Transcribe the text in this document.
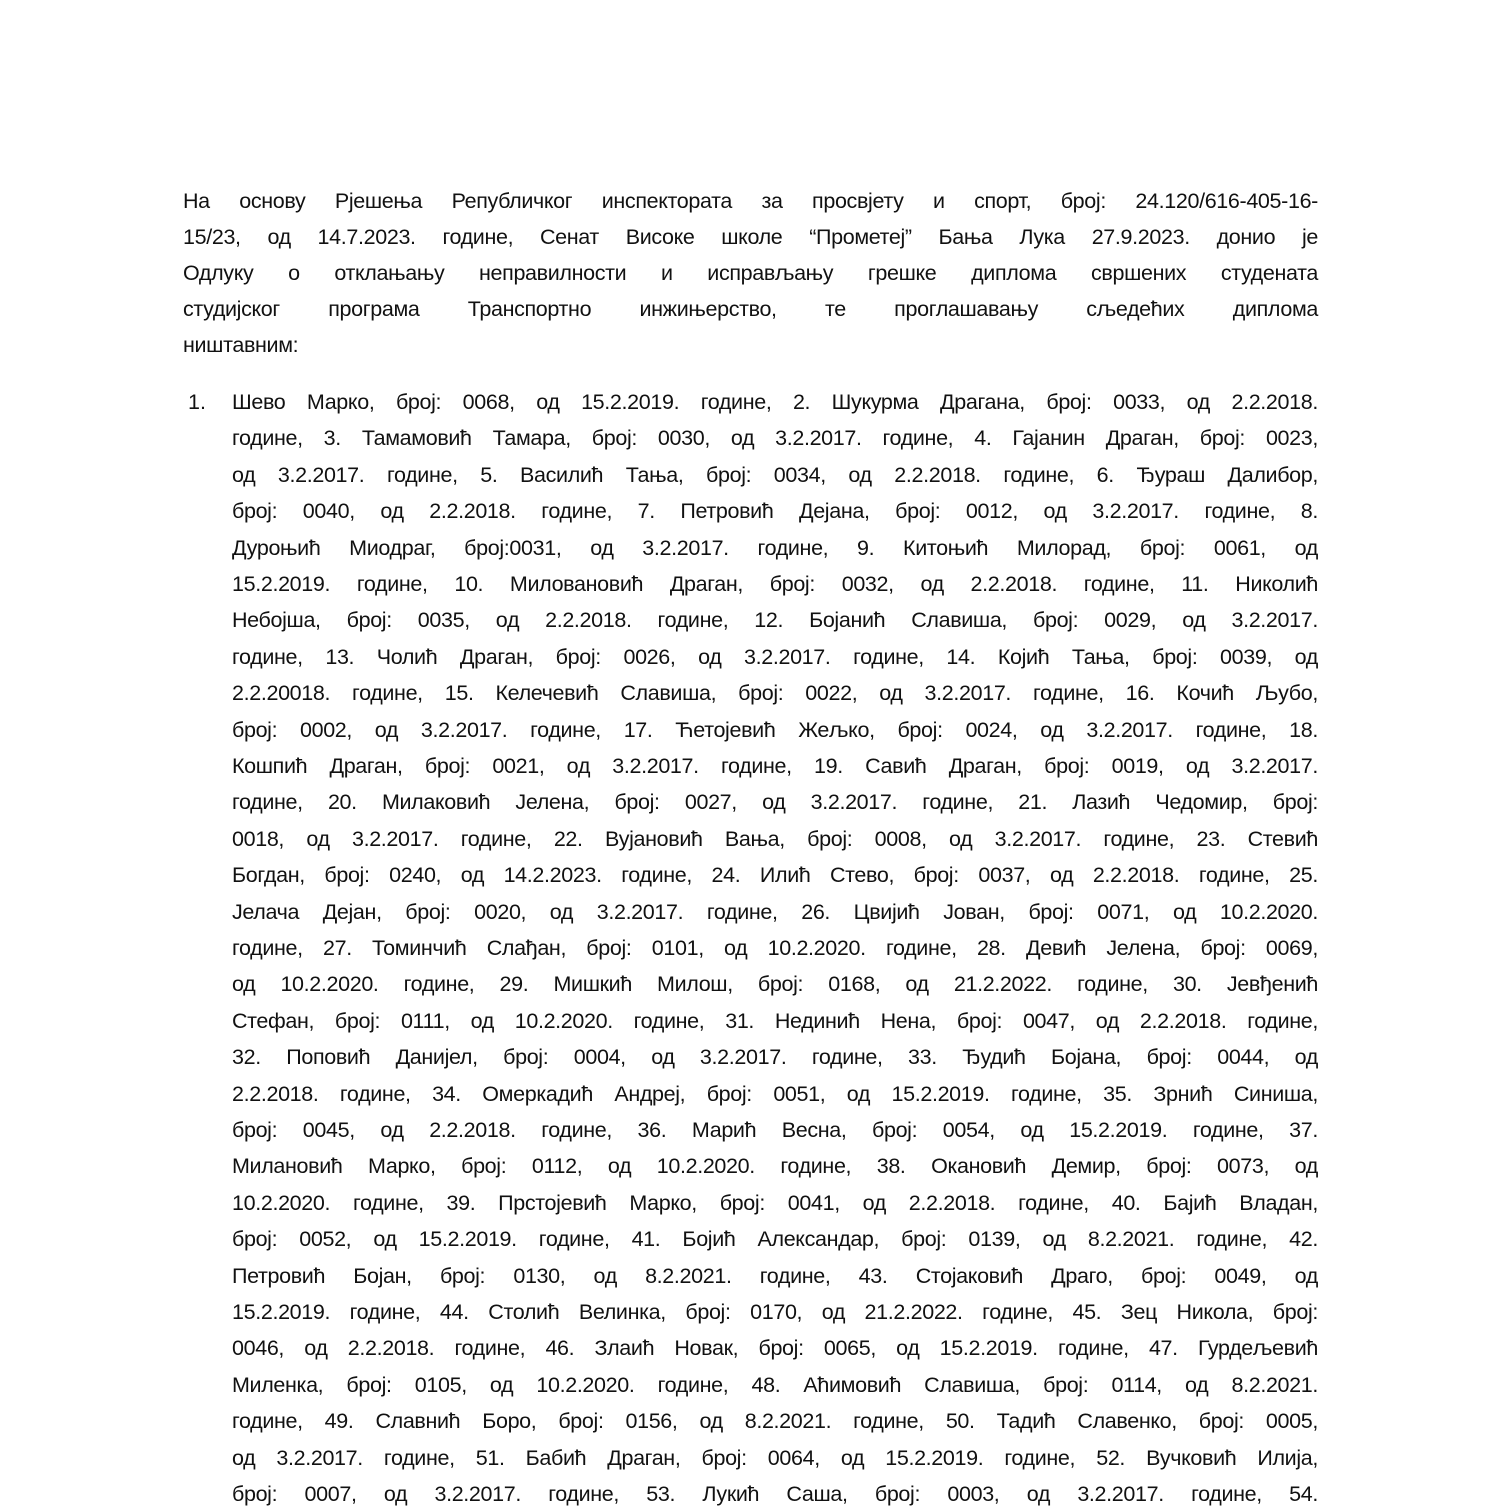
На основу Рјешења Републичког инспектората за просвјету и спорт, број: 24.120/616-405-16-
15/23, од 14.7.2023. године, Сенат Високе школе “Прометеј” Бања Лука 27.9.2023. донио је
Одлуку о отклањању неправилности и исправљању грешке диплома свршених студената
студијског програма Транспортно инжињерство, те проглашавању сљедећих диплома
ништавним:
1. Шево Марко, број: 0068, од 15.2.2019. године, 2. Шукурма Драгана, број: 0033, од 2.2.2018.
године, 3. Тамамовић Тамара, број: 0030, од 3.2.2017. године, 4. Гајанин Драган, број: 0023,
од 3.2.2017. године, 5. Василић Тања, број: 0034, од 2.2.2018. године, 6. Ђураш Далибор,
број: 0040, од 2.2.2018. године, 7. Петровић Дејана, број: 0012, од 3.2.2017. године, 8.
Дуроњић Миодраг, број:0031, од 3.2.2017. године, 9. Китоњић Милорад, број: 0061, од
15.2.2019. године, 10. Миловановић Драган, број: 0032, од 2.2.2018. године, 11. Николић
Небојша, број: 0035, од 2.2.2018. године, 12. Бојанић Славиша, број: 0029, од 3.2.2017.
године, 13. Чолић Драган, број: 0026, од 3.2.2017. године, 14. Којић Тања, број: 0039, од
2.2.20018. године, 15. Келечевић Славиша, број: 0022, од 3.2.2017. године, 16. Кочић Љубо,
број: 0002, од 3.2.2017. године, 17. Ћетојевић Жељко, број: 0024, од 3.2.2017. године, 18.
Кошпић Драган, број: 0021, од 3.2.2017. године, 19. Савић Драган, број: 0019, од 3.2.2017.
године, 20. Милаковић Јелена, број: 0027, од 3.2.2017. године, 21. Лазић Чедомир, број:
0018, од 3.2.2017. године, 22. Вујановић Вања, број: 0008, од 3.2.2017. године, 23. Стевић
Богдан, број: 0240, од 14.2.2023. године, 24. Илић Стево, број: 0037, од 2.2.2018. године, 25.
Јелача Дејан, број: 0020, од 3.2.2017. године, 26. Цвијић Јован, број: 0071, од 10.2.2020.
године, 27. Томинчић Слађан, број: 0101, од 10.2.2020. године, 28. Девић Јелена, број: 0069,
од 10.2.2020. године, 29. Мишкић Милош, број: 0168, од 21.2.2022. године, 30. Јевђенић
Стефан, број: 0111, од 10.2.2020. године, 31. Нединић Нена, број: 0047, од 2.2.2018. године,
32. Поповић Данијел, број: 0004, од 3.2.2017. године, 33. Ђудић Бојана, број: 0044, од
2.2.2018. године, 34. Омеркадић Андреј, број: 0051, од 15.2.2019. године, 35. Зрнић Синиша,
број: 0045, од 2.2.2018. године, 36. Марић Весна, број: 0054, од 15.2.2019. године, 37.
Милановић Марко, број: 0112, од 10.2.2020. године, 38. Окановић Демир, број: 0073, од
10.2.2020. године, 39. Прстојевић Марко, број: 0041, од 2.2.2018. године, 40. Бајић Владан,
број: 0052, од 15.2.2019. године, 41. Бојић Александар, број: 0139, од 8.2.2021. године, 42.
Петровић Бојан, број: 0130, од 8.2.2021. године, 43. Стојаковић Драго, број: 0049, од
15.2.2019. године, 44. Столић Велинка, број: 0170, од 21.2.2022. године, 45. Зец Никола, број:
0046, од 2.2.2018. године, 46. Злаић Новак, број: 0065, од 15.2.2019. године, 47. Гурдељевић
Миленка, број: 0105, од 10.2.2020. године, 48. Аћимовић Славиша, број: 0114, од 8.2.2021.
године, 49. Славнић Боро, број: 0156, од 8.2.2021. године, 50. Тадић Славенко, број: 0005,
од 3.2.2017. године, 51. Бабић Драган, број: 0064, од 15.2.2019. године, 52. Вучковић Илија,
број: 0007, од 3.2.2017. године, 53. Лукић Саша, број: 0003, од 3.2.2017. године, 54.
